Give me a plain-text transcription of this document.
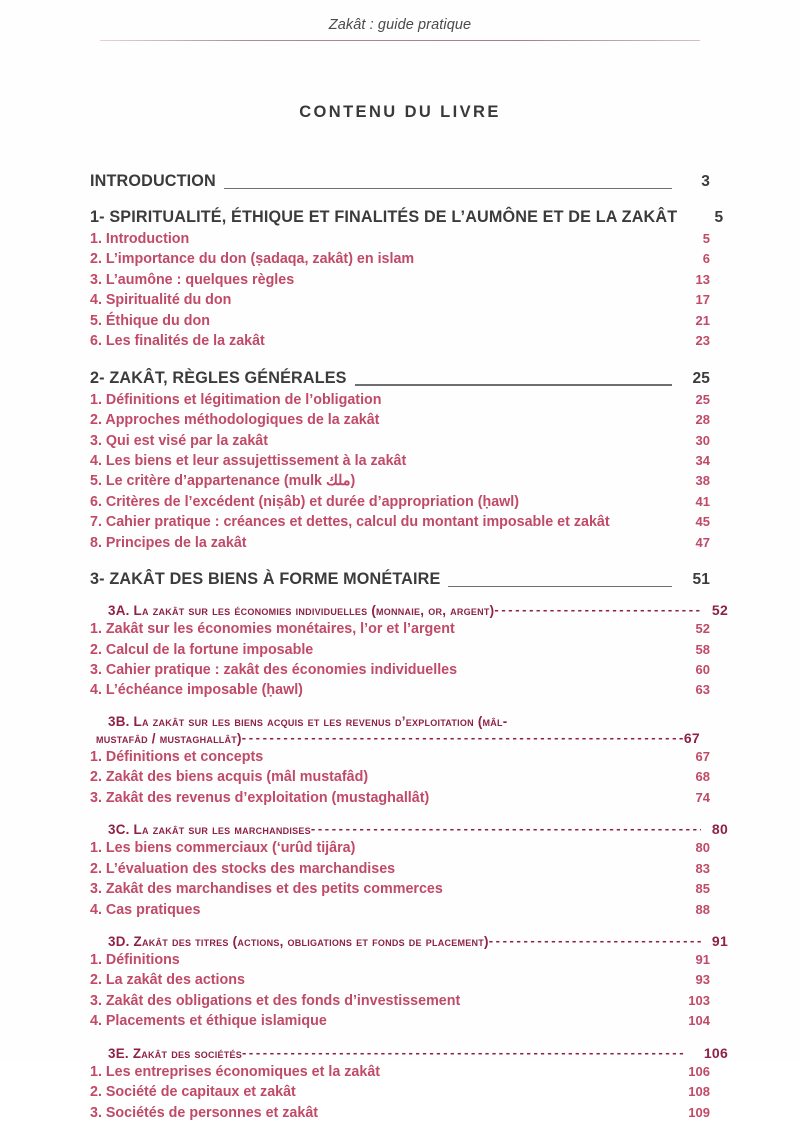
Zakât : guide pratique
CONTENU DU LIVRE
INTRODUCTION	3
1- SPIRITUALITÉ, ÉTHIQUE ET FINALITÉS DE L’AUMÔNE ET DE LA ZAKÂT	5
1. Introduction	5
2. L’importance du don (ṣadaqa, zakât) en islam	6
3. L’aumône : quelques règles	13
4. Spiritualité du don	17
5. Éthique du don	21
6. Les finalités de la zakât	23
2- ZAKÂT, RÈGLES GÉNÉRALES	25
1. Définitions et légitimation de l’obligation	25
2. Approches méthodologiques de la zakât	28
3. Qui est visé par la zakât	30
4. Les biens et leur assujettissement à la zakât	34
5. Le critère d’appartenance (mulk ملك)	38
6. Critères de l’excédent (niṣâb) et durée d’appropriation (ḥawl)	41
7. Cahier pratique : créances et dettes, calcul du montant imposable et zakât	45
8. Principes de la zakât	47
3- ZAKÂT DES BIENS À FORME MONÉTAIRE	51
3A. La zakât sur les économies individuelles (monnaie, or, argent) - - -	52
1. Zakât sur les économies monétaires, l’or et l’argent	52
2. Calcul de la fortune imposable	58
3. Cahier pratique : zakât des économies individuelles	60
4. L’échéance imposable (ḥawl)	63
3B. La zakât sur les biens acquis et les revenus d’exploitation (mâl-
mustafâd / mustaghallât) - - -	67
1. Définitions et concepts	67
2. Zakât des biens acquis (mâl mustafâd)	68
3. Zakât des revenus d’exploitation (mustaghallât)	74
3C. La zakât sur les marchandises - - -	80
1. Les biens commerciaux (‘urûd tijâra)	80
2. L’évaluation des stocks des marchandises	83
3. Zakât des marchandises et des petits commerces	85
4. Cas pratiques	88
3D. Zakât des titres (actions, obligations et fonds de placement) - - -	91
1. Définitions	91
2. La zakât des actions	93
3. Zakât des obligations et des fonds d’investissement	103
4. Placements et éthique islamique	104
3E. Zakât des sociétés - - -	106
1. Les entreprises économiques et la zakât	106
2. Société de capitaux et zakât	108
3. Sociétés de personnes et zakât	109
